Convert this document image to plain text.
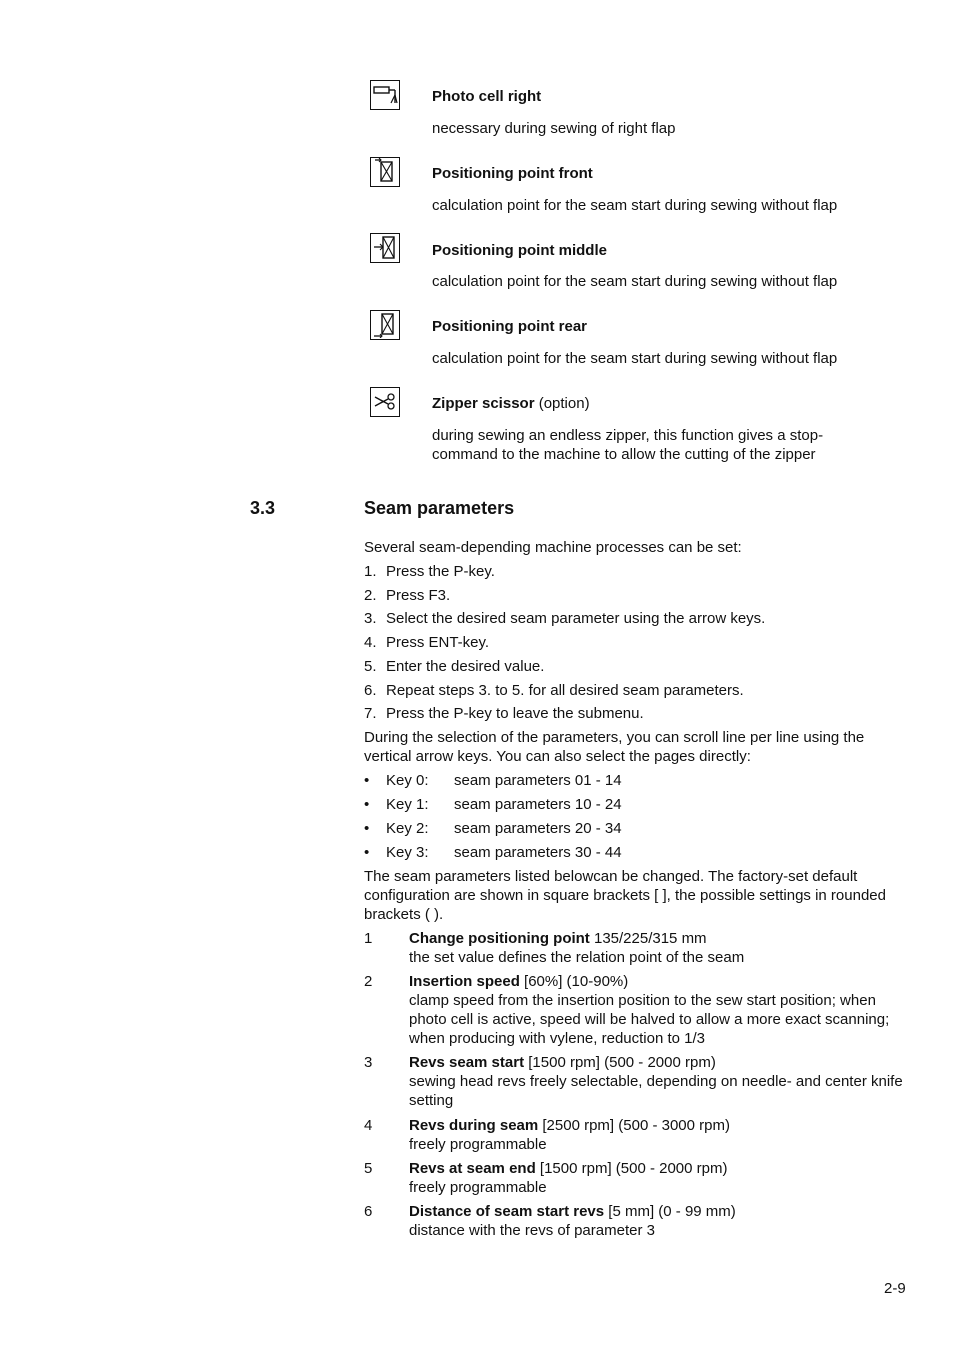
Photo cell right
necessary during sewing of right flap
Positioning point front
calculation point for the seam start during sewing without flap
Positioning point middle
calculation point for the seam start during sewing without flap
Positioning point rear
calculation point for the seam start during sewing without flap
Zipper scissor (option)
during sewing an endless zipper, this function gives a stop-command to the machine to allow the cutting of the zipper
3.3	Seam parameters
Several seam-depending machine processes can be set:
1. Press the P-key.
2. Press F3.
3. Select the desired seam parameter using the arrow keys.
4. Press ENT-key.
5. Enter the desired value.
6. Repeat steps 3. to 5. for all desired seam parameters.
7. Press the P-key to leave the submenu.
During the selection of the parameters, you can scroll line per line using the vertical arrow keys. You can also select the pages directly:
• Key 0: seam parameters 01 - 14
• Key 1: seam parameters 10 - 24
• Key 2: seam parameters 20 - 34
• Key 3: seam parameters 30 - 44
The seam parameters listed belowcan be changed. The factory-set default configuration are shown in square brackets [ ], the possible settings in rounded brackets ( ).
1 Change positioning point 135/225/315 mm
the set value defines the relation point of the seam
2 Insertion speed [60%] (10-90%)
clamp speed from the insertion position to the sew start position; when photo cell is active, speed will be halved to allow a more exact scanning; when producing with vylene, reduction to 1/3
3 Revs seam start [1500 rpm] (500 - 2000 rpm)
sewing head revs freely selectable, depending on needle- and center knife setting
4 Revs during seam [2500 rpm] (500 - 3000 rpm)
freely programmable
5 Revs at seam end [1500 rpm] (500 - 2000 rpm)
freely programmable
6 Distance of seam start revs [5 mm] (0 - 99 mm)
distance with the revs of parameter 3
2-9
